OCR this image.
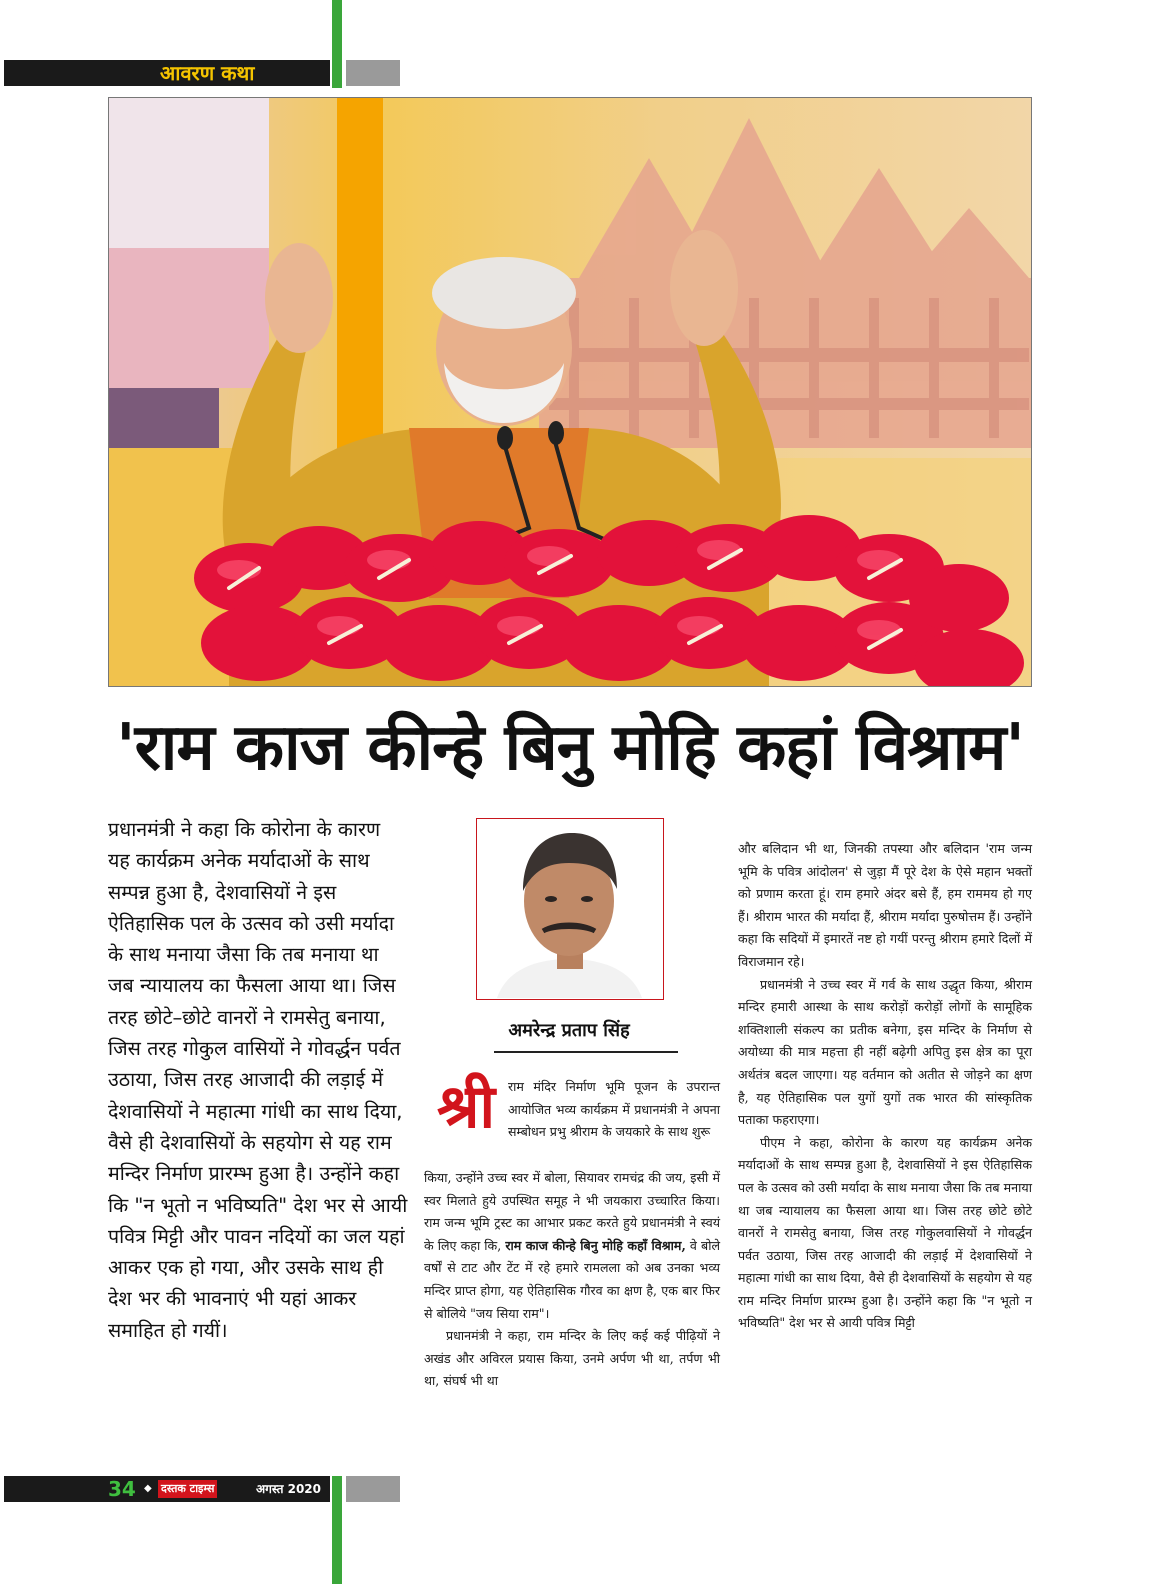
आवरण कथा
'राम काज कीन्हे बिनु मोहि कहां विश्राम'
प्रधानमंत्री ने कहा कि कोरोना के कारण यह कार्यक्रम अनेक मर्यादाओं के साथ सम्पन्न हुआ है, देशवासियों ने इस ऐतिहासिक पल के उत्सव को उसी मर्यादा के साथ मनाया जैसा कि तब मनाया था जब न्यायालय का फैसला आया था। जिस तरह छोटे–छोटे वानरों ने रामसेतु बनाया, जिस तरह गोकुल वासियों ने गोवर्द्धन पर्वत उठाया, जिस तरह आजादी की लड़ाई में देशवासियों ने महात्मा गांधी का साथ दिया, वैसे ही देशवासियों के सहयोग से यह राम मन्दिर निर्माण प्रारम्भ हुआ है। उन्होंने कहा कि "न भूतो न भविष्यति" देश भर से आयी पवित्र मिट्टी और पावन नदियों का जल यहां आकर एक हो गया, और उसके साथ ही देश भर की भावनाएं भी यहां आकर समाहित हो गयीं।
अमरेन्द्र प्रताप सिंह
श्री	राम मंदिर निर्माण भूमि पूजन के उपरान्त आयोजित भव्य कार्यक्रम में प्रधानमंत्री ने अपना सम्बोधन प्रभु श्रीराम के जयकारे के साथ शुरू

किया, उन्होंने उच्च स्वर में बोला, सियावर रामचंद्र की जय, इसी में स्वर मिलाते हुये उपस्थित समूह ने भी जयकारा उच्चारित किया। राम जन्म भूमि ट्रस्ट का आभार प्रकट करते हुये प्रधानमंत्री ने स्वयं के लिए कहा कि, राम काज कीन्हे बिनु मोहि कहाँ विश्राम, वे बोले वर्षों से टाट और टेंट में रहे हमारे रामलला को अब उनका भव्य मन्दिर प्राप्त होगा, यह ऐतिहासिक गौरव का क्षण है, एक बार फिर से बोलिये "जय सिया राम"।

प्रधानमंत्री ने कहा, राम मन्दिर के लिए कई कई पीढ़ियों ने अखंड और अविरल प्रयास किया, उनमे अर्पण भी था, तर्पण भी था, संघर्ष भी था

और बलिदान भी था, जिनकी तपस्या और बलिदान 'राम जन्म भूमि के पवित्र आंदोलन' से जुड़ा मैं पूरे देश के ऐसे महान भक्तों को प्रणाम करता हूं। राम हमारे अंदर बसे हैं, हम राममय हो गए हैं। श्रीराम भारत की मर्यादा हैं, श्रीराम मर्यादा पुरुषोत्तम हैं। उन्होंने कहा कि सदियों में इमारतें नष्ट हो गयीं परन्तु श्रीराम हमारे दिलों में विराजमान रहे।

प्रधानमंत्री ने उच्च स्वर में गर्व के साथ उद्धृत किया, श्रीराम मन्दिर हमारी आस्था के साथ करोड़ों करोड़ों लोगों के सामूहिक शक्तिशाली संकल्प का प्रतीक बनेगा, इस मन्दिर के निर्माण से अयोध्या की मात्र महत्ता ही नहीं बढ़ेगी अपितु इस क्षेत्र का पूरा अर्थतंत्र बदल जाएगा। यह वर्तमान को अतीत से जोड़ने का क्षण है, यह ऐतिहासिक पल युगों युगों तक भारत की सांस्कृतिक पताका फहराएगा।

पीएम ने कहा, कोरोना के कारण यह कार्यक्रम अनेक मर्यादाओं के साथ सम्पन्न हुआ है, देशवासियों ने इस ऐतिहासिक पल के उत्सव को उसी मर्यादा के साथ मनाया जैसा कि तब मनाया था जब न्यायालय का फैसला आया था। जिस तरह छोटे छोटे वानरों ने रामसेतु बनाया, जिस तरह गोकुलवासियों ने गोवर्द्धन पर्वत उठाया, जिस तरह आजादी की लड़ाई में देशवासियों ने महात्मा गांधी का साथ दिया, वैसे ही देशवासियों के सहयोग से यह राम मन्दिर निर्माण प्रारम्भ हुआ है। उन्होंने कहा कि "न भूतो न भविष्यति" देश भर से आयी पवित्र मिट्टी

34 ◆ दस्तक टाइम्स	अगस्त 2020
